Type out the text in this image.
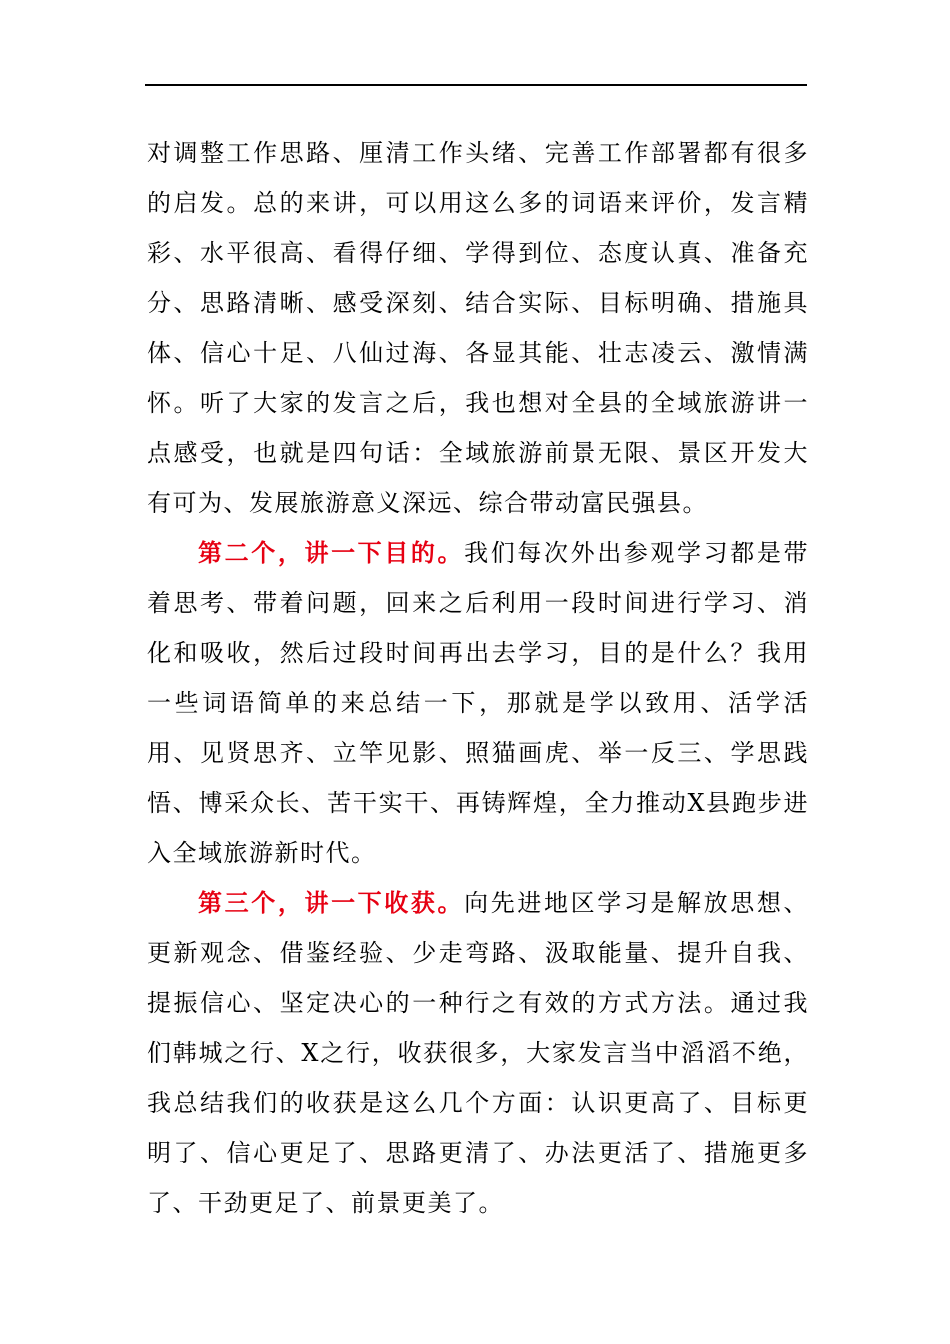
对调整工作思路、厘清工作头绪、完善工作部署都有很多的启发。总的来讲，可以用这么多的词语来评价，发言精彩、水平很高、看得仔细、学得到位、态度认真、准备充分、思路清晰、感受深刻、结合实际、目标明确、措施具体、信心十足、八仙过海、各显其能、壮志凌云、激情满怀。听了大家的发言之后，我也想对全县的全域旅游讲一点感受，也就是四句话：全域旅游前景无限、景区开发大有可为、发展旅游意义深远、综合带动富民强县。

第二个，讲一下目的。我们每次外出参观学习都是带着思考、带着问题，回来之后利用一段时间进行学习、消化和吸收，然后过段时间再出去学习，目的是什么？我用一些词语简单的来总结一下，那就是学以致用、活学活用、见贤思齐、立竿见影、照猫画虎、举一反三、学思践悟、博采众长、苦干实干、再铸辉煌，全力推动X县跑步进入全域旅游新时代。

第三个，讲一下收获。向先进地区学习是解放思想、更新观念、借鉴经验、少走弯路、汲取能量、提升自我、提振信心、坚定决心的一种行之有效的方式方法。通过我们韩城之行、X之行，收获很多，大家发言当中滔滔不绝，我总结我们的收获是这么几个方面：认识更高了、目标更明了、信心更足了、思路更清了、办法更活了、措施更多了、干劲更足了、前景更美了。
